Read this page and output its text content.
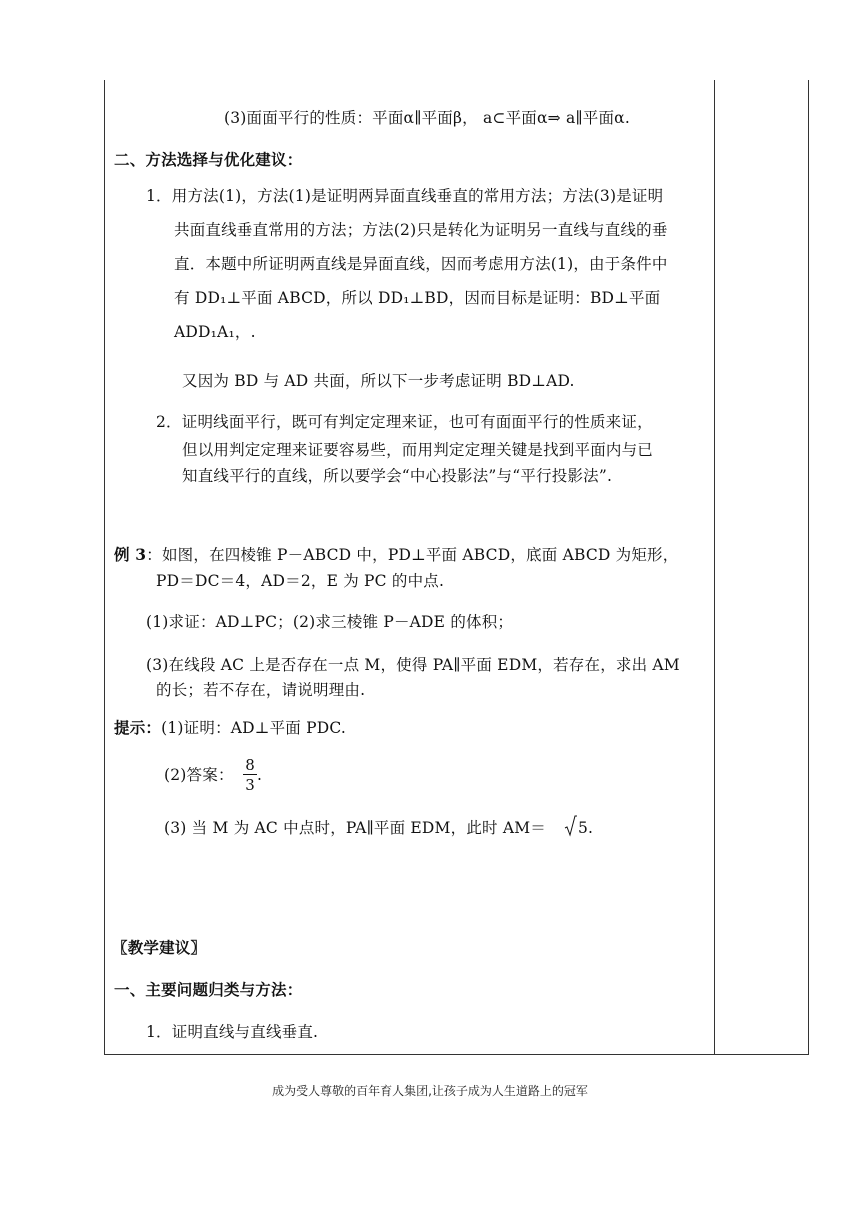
(3)面面平行的性质：平面α∥平面β， a⊂平面α⇒ a∥平面α.
二、方法选择与优化建议：
1．用方法(1)，方法(1)是证明两异面直线垂直的常用方法；方法(3)是证明
共面直线垂直常用的方法；方法(2)只是转化为证明另一直线与直线的垂
直．本题中所证明两直线是异面直线，因而考虑用方法(1)，由于条件中
有 DD₁⊥平面 ABCD，所以 DD₁⊥BD，因而目标是证明：BD⊥平面
ADD₁A₁，.
又因为 BD 与 AD 共面，所以下一步考虑证明 BD⊥AD.
2．证明线面平行，既可有判定定理来证，也可有面面平行的性质来证，
但以用判定定理来证要容易些，而用判定定理关键是找到平面内与已
知直线平行的直线，所以要学会“中心投影法”与“平行投影法”.
例 3：如图，在四棱锥 P－ABCD 中，PD⊥平面 ABCD，底面 ABCD 为矩形，
PD＝DC＝4，AD＝2，E 为 PC 的中点.
(1)求证：AD⊥PC；(2)求三棱锥 P－ADE 的体积；
(3)在线段 AC 上是否存在一点 M，使得 PA∥平面 EDM，若存在，求出 AM
的长；若不存在，请说明理由.
提示：(1)证明：AD⊥平面 PDC.
(2)答案：
8
3
.
(3) 当 M 为 AC 中点时，PA∥平面 EDM，此时 AM＝ 5 .
〖教学建议〗
一、主要问题归类与方法：
1．证明直线与直线垂直.
成为受人尊敬的百年育人集团,让孩子成为人生道路上的冠军
